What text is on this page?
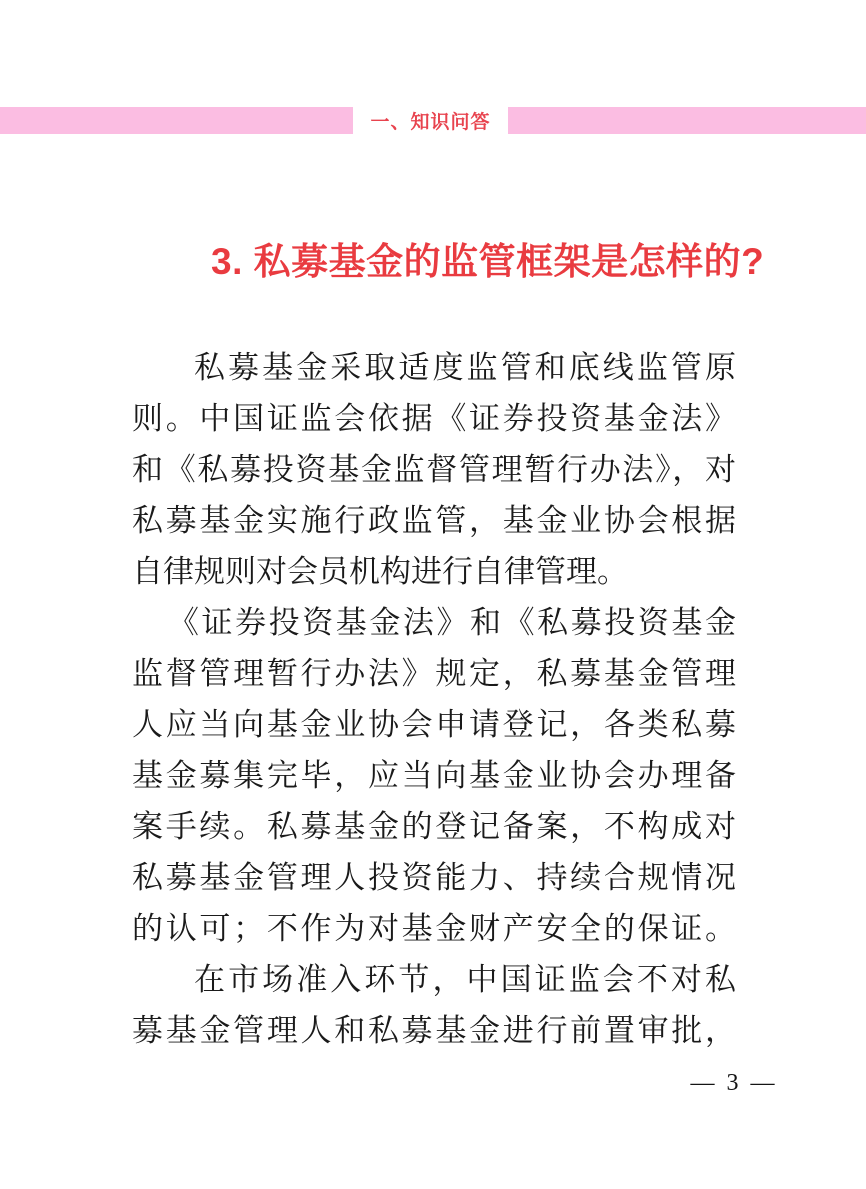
一、知识问答
3. 私募基金的监管框架是怎样的?
私募基金采取适度监管和底线监管原
则。中国证监会依据《证券投资基金法》
和《私募投资基金监督管理暂行办法》，对
私募基金实施行政监管，基金业协会根据
自律规则对会员机构进行自律管理。
《证券投资基金法》和《私募投资基金
监督管理暂行办法》规定，私募基金管理
人应当向基金业协会申请登记，各类私募
基金募集完毕，应当向基金业协会办理备
案手续。私募基金的登记备案，不构成对
私募基金管理人投资能力、持续合规情况
的认可；不作为对基金财产安全的保证。
在市场准入环节，中国证监会不对私
募基金管理人和私募基金进行前置审批，
— 3 —
